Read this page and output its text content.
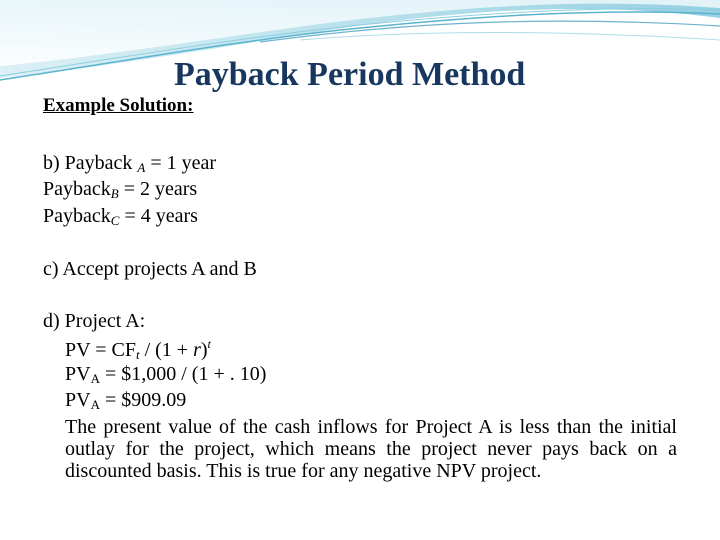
Payback Period Method
Example Solution:
b) Payback A = 1 year
PaybackB = 2 years
PaybackC = 4 years
c) Accept projects A and B
d) Project A:
PV = CFt / $(1 + r)^t$
$PV_A$ = $1,000 / (1 + . 10)
$PV_A$ = $909.09
The present value of the cash inflows for Project A is less than the initial outlay for the project, which means the project never pays back on a discounted basis. This is true for any negative NPV project.
